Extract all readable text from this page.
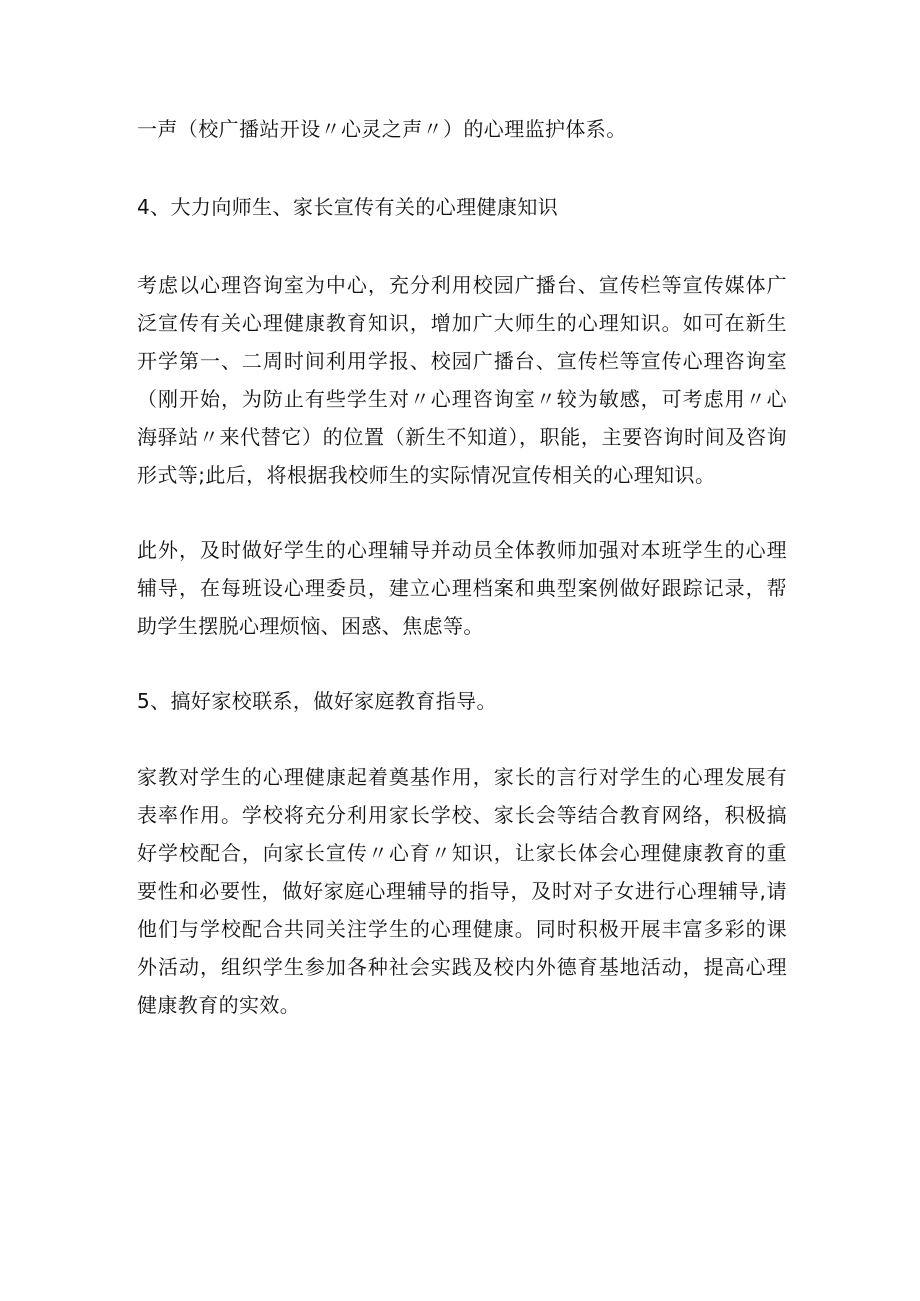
一声（校广播站开设〃心灵之声〃）的心理监护体系。

4、大力向师生、家长宣传有关的心理健康知识

考虑以心理咨询室为中心，充分利用校园广播台、宣传栏等宣传媒体广泛宣传有关心理健康教育知识，增加广大师生的心理知识。如可在新生开学第一、二周时间利用学报、校园广播台、宣传栏等宣传心理咨询室（刚开始，为防止有些学生对〃心理咨询室〃较为敏感，可考虑用〃心海驿站〃来代替它）的位置（新生不知道），职能，主要咨询时间及咨询形式等;此后，将根据我校师生的实际情况宣传相关的心理知识。

此外，及时做好学生的心理辅导并动员全体教师加强对本班学生的心理辅导，在每班设心理委员，建立心理档案和典型案例做好跟踪记录，帮助学生摆脱心理烦恼、困惑、焦虑等。

5、搞好家校联系，做好家庭教育指导。

家教对学生的心理健康起着奠基作用，家长的言行对学生的心理发展有表率作用。学校将充分利用家长学校、家长会等结合教育网络，积极搞好学校配合，向家长宣传〃心育〃知识，让家长体会心理健康教育的重要性和必要性，做好家庭心理辅导的指导，及时对子女进行心理辅导,请他们与学校配合共同关注学生的心理健康。同时积极开展丰富多彩的课外活动，组织学生参加各种社会实践及校内外德育基地活动，提高心理健康教育的实效。
